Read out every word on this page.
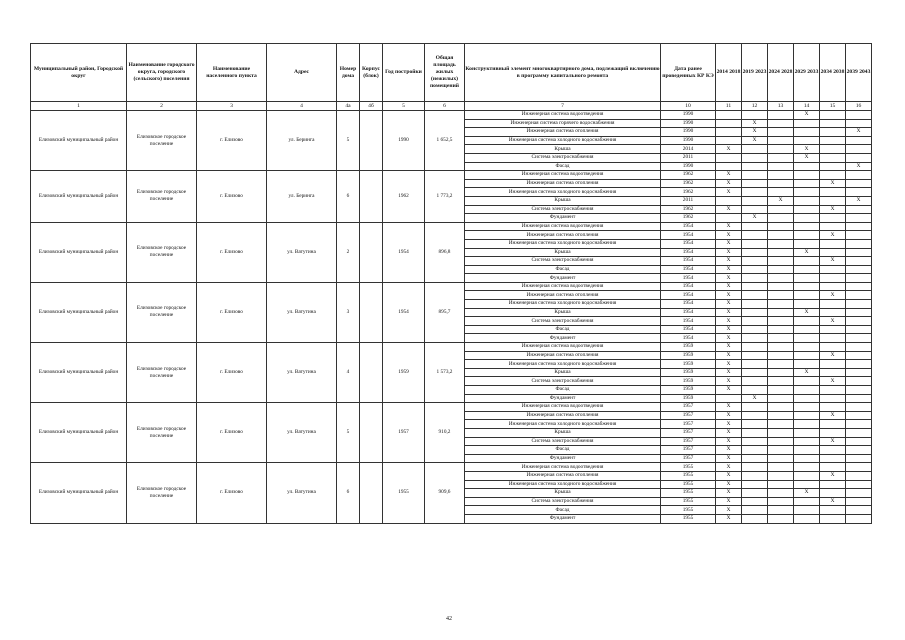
Муниципальный район, Городской округ	Наименование городского округа, городского (сельского) поселения	Наименование населенного пункта	Адрес	Номер дома	Корпус (блок)	Год постройки	Общая площадь жилых (нежилых) помещений	Конструктивный элемент многоквартирного дома, подлежащий включению в программу капитального ремонта	Дата ранее проведенных КР КЭ	2014 2018	2019 2023	2024 2028	2029 2033	2034 2038	2039 2043
1	2	3	4	4а	4б	5	6	7	10	11	12	13	14	15	16
Елизовский муниципальный район	Елизовское городское поселение	г. Елизово	ул. Беринга	5		1990	1 652,5	Инженерная система водоотведения	1990				X		
								Инженерная система горячего водоснабжения	1990		X				
								Инженерная система отопления	1990		X				X
								Инженерная система холодного водоснабжения	1990		X				
								Крыша	2014	X			X		
								Система электроснабжения	2011				X		
								Фасад	1990						X
Елизовский муниципальный район	Елизовское городское поселение	г. Елизово	ул. Беринга	6		1962	1 773,2	Инженерная система водоотведения	1962	X					
								Инженерная система отопления	1962	X				X	
								Инженерная система холодного водоснабжения	1962	X					
								Крыша	2011			X			X
								Система электроснабжения	1962	X				X	
								Фундамент	1962		X				
Елизовский муниципальный район	Елизовское городское поселение	г. Елизово	ул. Ватутина	2		1954	896,8	Инженерная система водоотведения	1954	X					
								Инженерная система отопления	1954	X				X	
								Инженерная система холодного водоснабжения	1954	X					
								Крыша	1954	X			X		
								Система электроснабжения	1954	X				X	
								Фасад	1954	X					
								Фундамент	1954	X					
Елизовский муниципальный район	Елизовское городское поселение	г. Елизово	ул. Ватутина	3		1954	895,7	Инженерная система водоотведения	1954	X					
								Инженерная система отопления	1954	X				X	
								Инженерная система холодного водоснабжения	1954	X					
								Крыша	1954	X			X		
								Система электроснабжения	1954	X				X	
								Фасад	1954	X					
								Фундамент	1954	X					
Елизовский муниципальный район	Елизовское городское поселение	г. Елизово	ул. Ватутина	4		1959	1 573,2	Инженерная система водоотведения	1959	X					
								Инженерная система отопления	1959	X				X	
								Инженерная система холодного водоснабжения	1959	X					
								Крыша	1959	X			X		
								Система электроснабжения	1959	X				X	
								Фасад	1959	X					
								Фундамент	1959		X				
Елизовский муниципальный район	Елизовское городское поселение	г. Елизово	ул. Ватутина	5		1957	910,2	Инженерная система водоотведения	1957	X					
								Инженерная система отопления	1957	X				X	
								Инженерная система холодного водоснабжения	1957	X					
								Крыша	1957	X					
								Система электроснабжения	1957	X				X	
								Фасад	1957	X					
								Фундамент	1957	X					
Елизовский муниципальный район	Елизовское городское поселение	г. Елизово	ул. Ватутина	6		1955	909,6	Инженерная система водоотведения	1955	X					
								Инженерная система отопления	1955	X				X	
								Инженерная система холодного водоснабжения	1955	X					
								Крыша	1955	X			X		
								Система электроснабжения	1955	X				X	
								Фасад	1955	X					
								Фундамент	1955	X					
42
